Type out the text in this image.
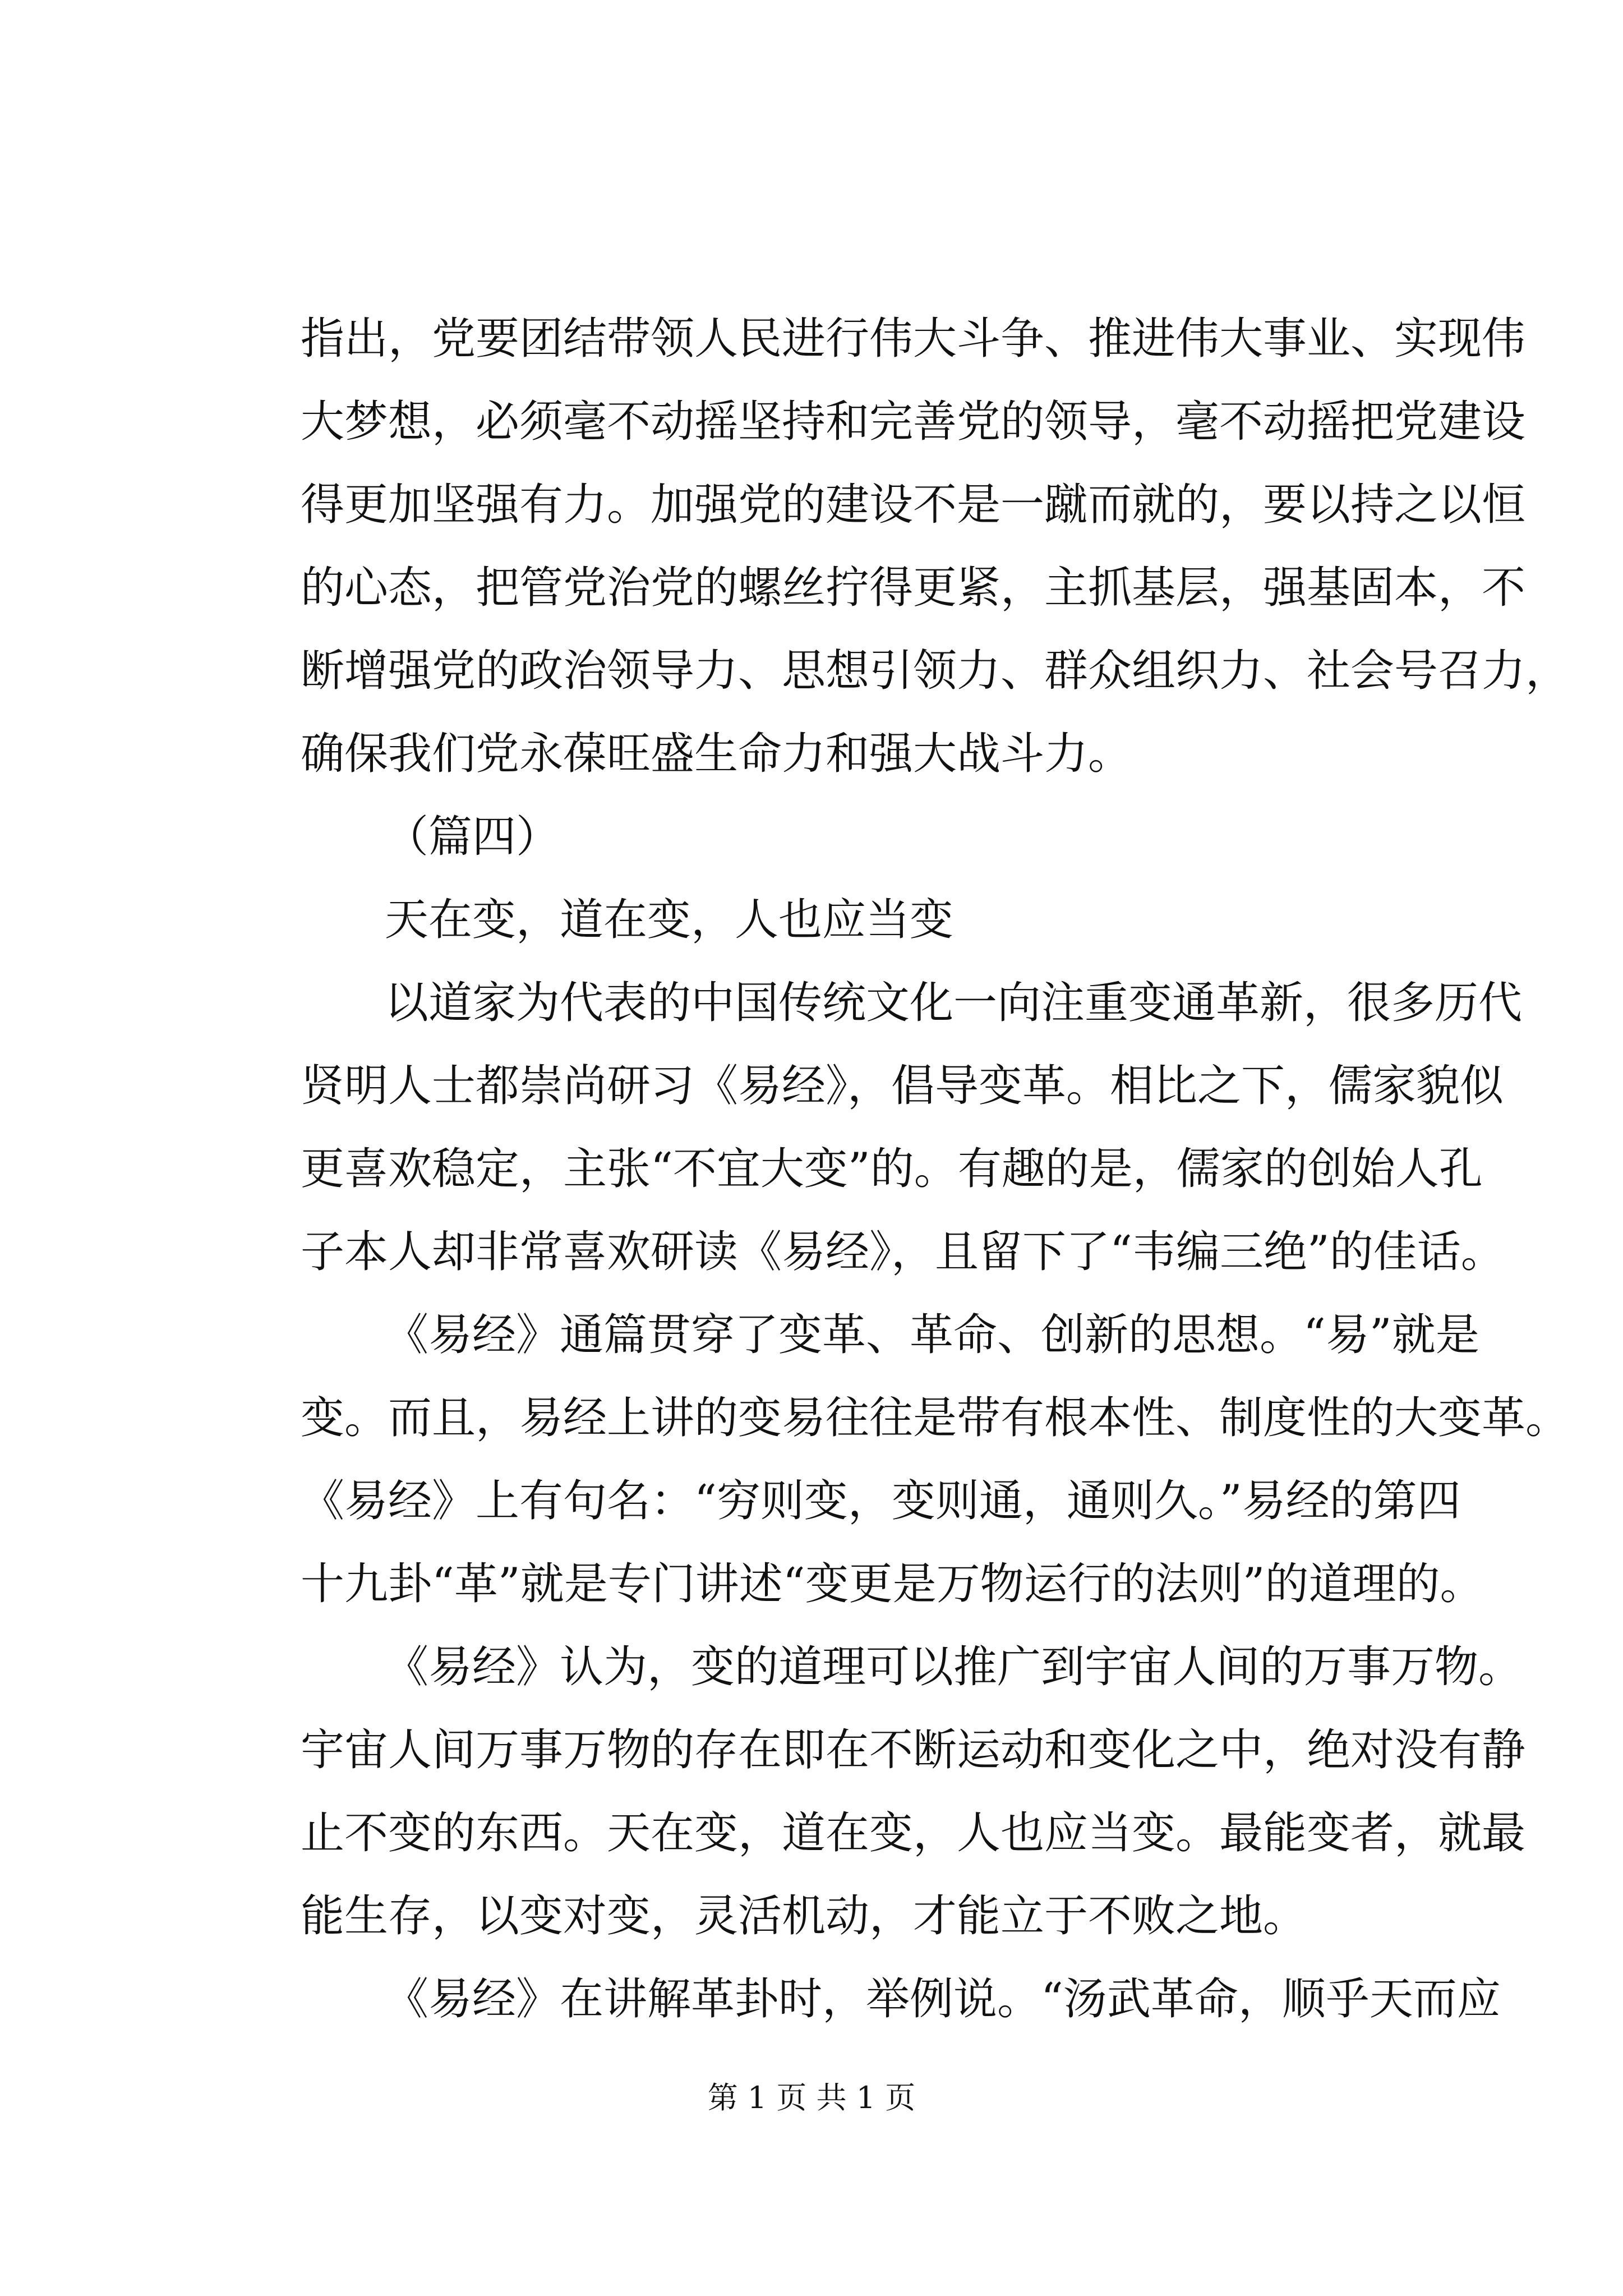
指出，党要团结带领人民进行伟大斗争、推进伟大事业、实现伟
大梦想，必须毫不动摇坚持和完善党的领导，毫不动摇把党建设
得更加坚强有力。加强党的建设不是一蹴而就的，要以持之以恒
的心态，把管党治党的螺丝拧得更紧，主抓基层，强基固本，不
断增强党的政治领导力、思想引领力、群众组织力、社会号召力，
确保我们党永葆旺盛生命力和强大战斗力。
（篇四）
天在变，道在变，人也应当变
以道家为代表的中国传统文化一向注重变通革新，很多历代
贤明人士都崇尚研习《易经》，倡导变革。相比之下，儒家貌似
更喜欢稳定，主张“不宜大变”的。有趣的是，儒家的创始人孔
子本人却非常喜欢研读《易经》，且留下了“韦编三绝”的佳话。
《易经》通篇贯穿了变革、革命、创新的思想。“易”就是
变。而且，易经上讲的变易往往是带有根本性、制度性的大变革。
《易经》上有句名：“穷则变，变则通，通则久。”易经的第四
十九卦“革”就是专门讲述“变更是万物运行的法则”的道理的。
《易经》认为，变的道理可以推广到宇宙人间的万事万物。
宇宙人间万事万物的存在即在不断运动和变化之中，绝对没有静
止不变的东西。天在变，道在变，人也应当变。最能变者，就最
能生存，以变对变，灵活机动，才能立于不败之地。
《易经》在讲解革卦时，举例说。“汤武革命，顺乎天而应
第 1 页 共 1 页
